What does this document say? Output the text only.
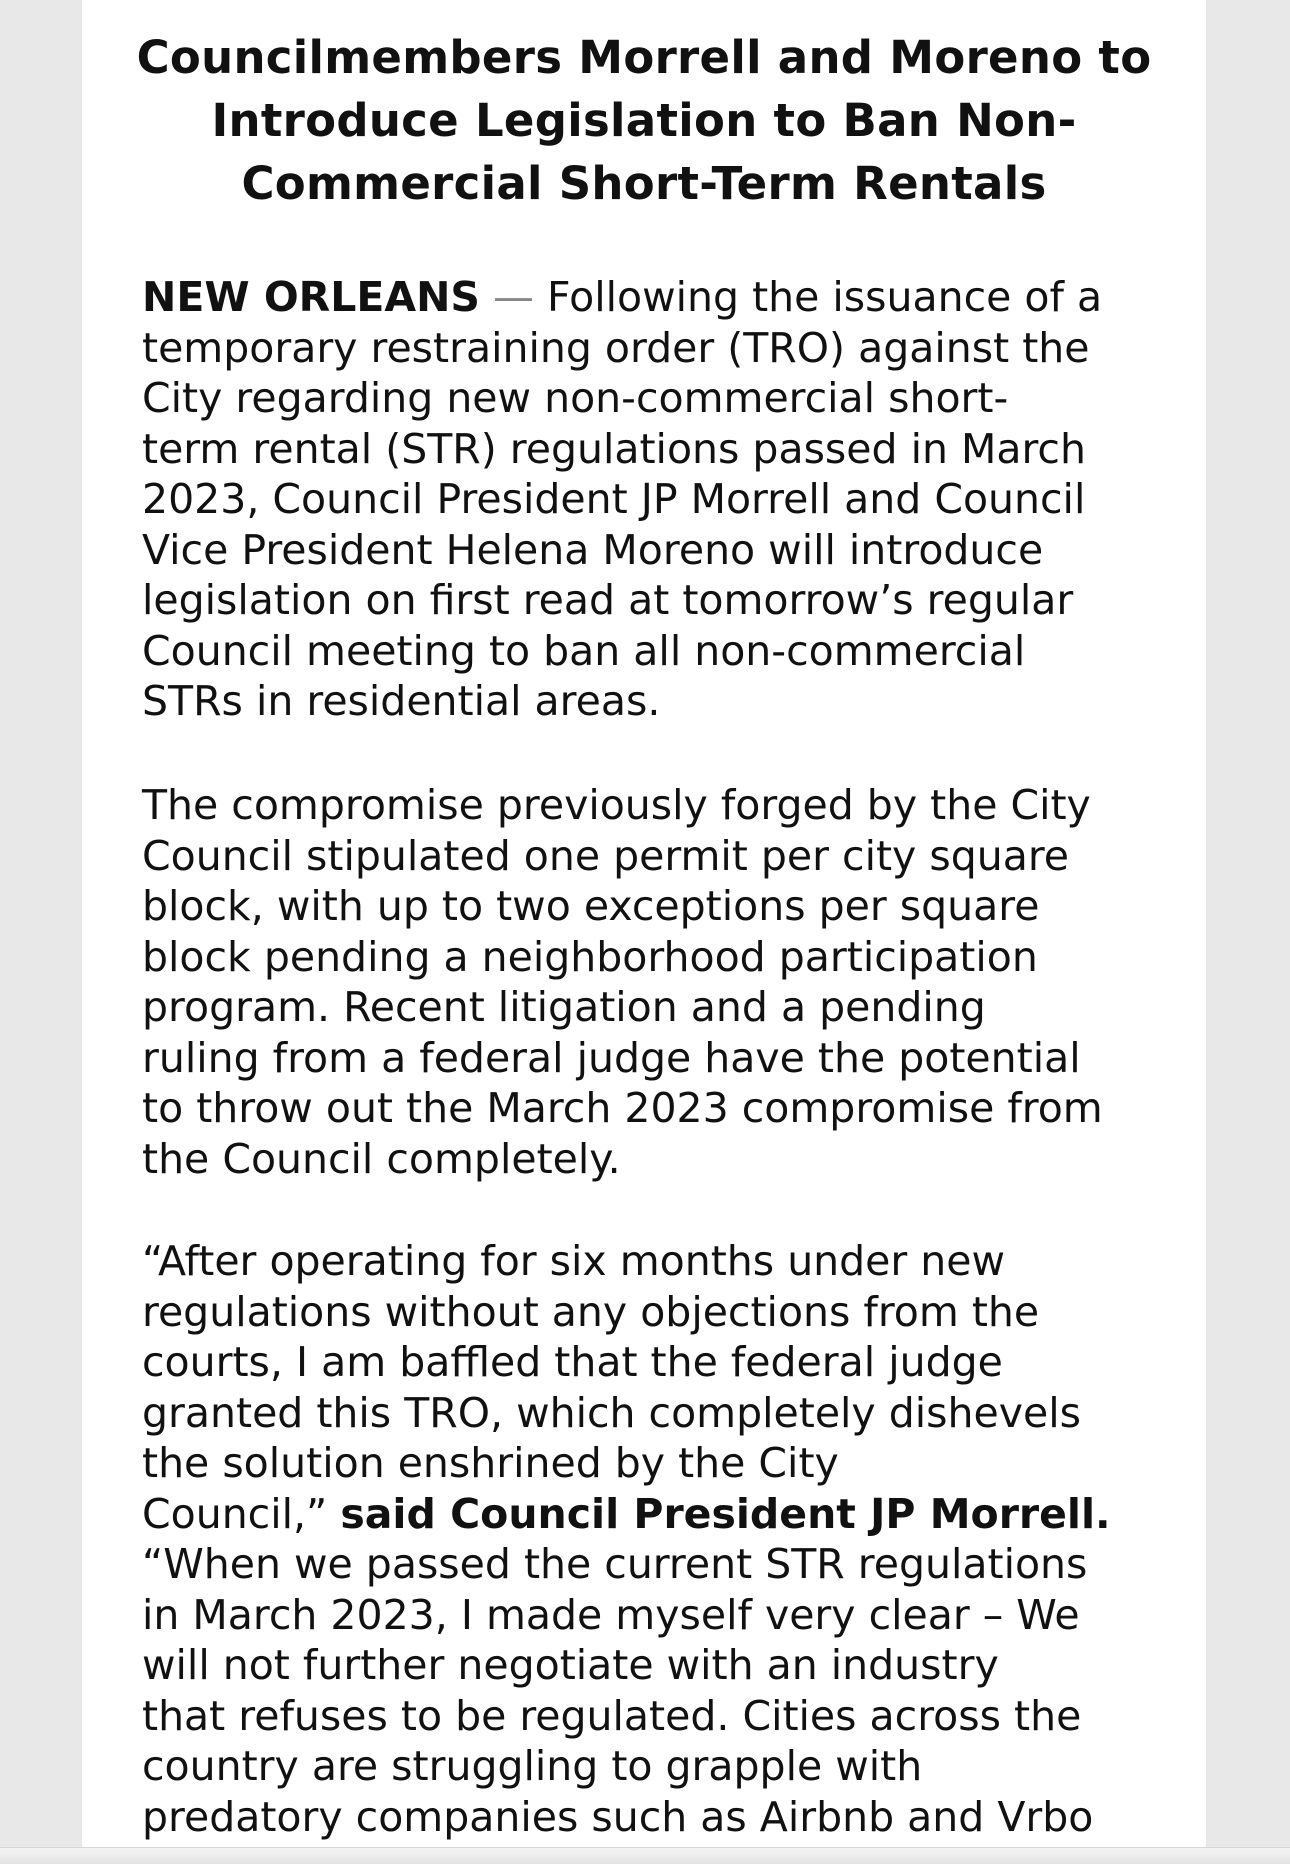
Councilmembers Morrell and Moreno to
Introduce Legislation to Ban Non-
Commercial Short-Term Rentals
NEW ORLEANS — Following the issuance of a
temporary restraining order (TRO) against the
City regarding new non-commercial short-
term rental (STR) regulations passed in March
2023, Council President JP Morrell and Council
Vice President Helena Moreno will introduce
legislation on first read at tomorrow’s regular
Council meeting to ban all non-commercial
STRs in residential areas.
The compromise previously forged by the City
Council stipulated one permit per city square
block, with up to two exceptions per square
block pending a neighborhood participation
program. Recent litigation and a pending
ruling from a federal judge have the potential
to throw out the March 2023 compromise from
the Council completely.
“After operating for six months under new
regulations without any objections from the
courts, I am baffled that the federal judge
granted this TRO, which completely dishevels
the solution enshrined by the City
Council,” said Council President JP Morrell.
“When we passed the current STR regulations
in March 2023, I made myself very clear – We
will not further negotiate with an industry
that refuses to be regulated. Cities across the
country are struggling to grapple with
predatory companies such as Airbnb and Vrbo
